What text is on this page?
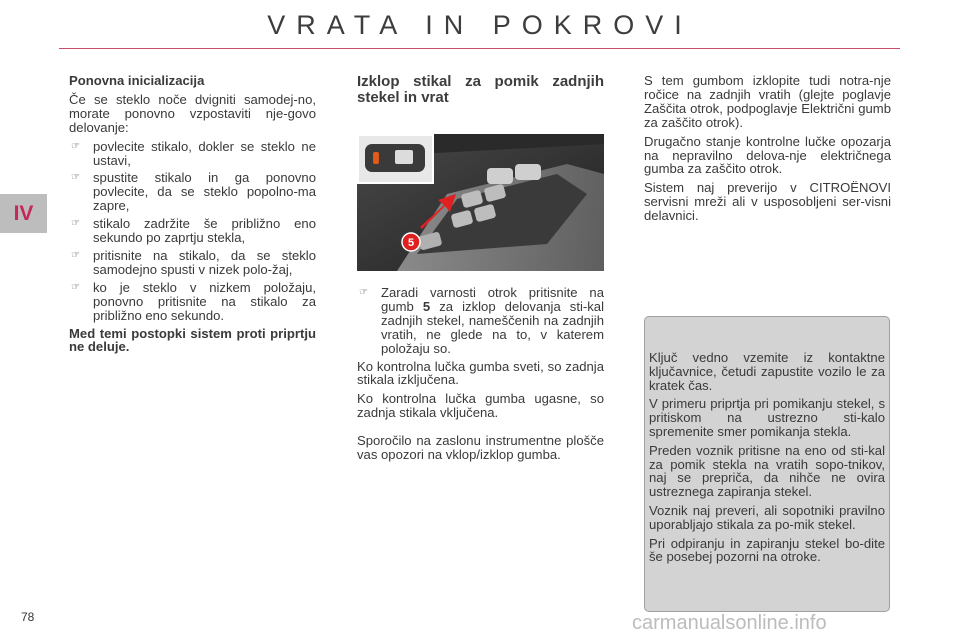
VRATA IN POKROVI
IV

Ponovna inicializacija

Če se steklo noče dvigniti samodej-no, morate ponovno vzpostaviti nje-govo delovanje:

☞ povlecite stikalo, dokler se steklo ne ustavi,
☞ spustite stikalo in ga ponovno povlecite, da se steklo popolno-ma zapre,
☞ stikalo zadržite še približno eno sekundo po zaprtju stekla,
☞ pritisnite na stikalo, da se steklo samodejno spusti v nizek polo-žaj,
☞ ko je steklo v nizkem položaju, ponovno pritisnite na stikalo za približno eno sekundo.

Med temi postopki sistem proti priprtju ne deluje.

Izklop stikal za pomik zadnjih stekel in vrat

5
☞ Zaradi varnosti otrok pritisnite na gumb 5 za izklop delovanja sti-kal zadnjih stekel, nameščenih na zadnjih vratih, ne glede na to, v katerem položaju so.

Ko kontrolna lučka gumba sveti, so zadnja stikala izključena.

Ko kontrolna lučka gumba ugasne, so zadnja stikala vključena.

Sporočilo na zaslonu instrumentne plošče vas opozori na vklop/izklop gumba.

S tem gumbom izklopite tudi notra-nje ročice na zadnjih vratih (glejte poglavje Zaščita otrok, podpoglavje Električni gumb za zaščito otrok).

Drugačno stanje kontrolne lučke opozarja na nepravilno delova-nje električnega gumba za zaščito otrok.

Sistem naj preverijo v CITROËNOVI servisni mreži ali v usposobljeni ser-visni delavnici.

Ključ vedno vzemite iz kontaktne ključavnice, četudi zapustite vozilo le za kratek čas.

V primeru priprtja pri pomikanju stekel, s pritiskom na ustrezno sti-kalo spremenite smer pomikanja stekla.

Preden voznik pritisne na eno od sti-kal za pomik stekla na vratih sopo-tnikov, naj se prepriča, da nihče ne ovira ustreznega zapiranja stekel.

Voznik naj preveri, ali sopotniki pravilno uporabljajo stikala za po-mik stekel.

Pri odpiranju in zapiranju stekel bo-dite še posebej pozorni na otroke.

78	carmanualsonline.info
